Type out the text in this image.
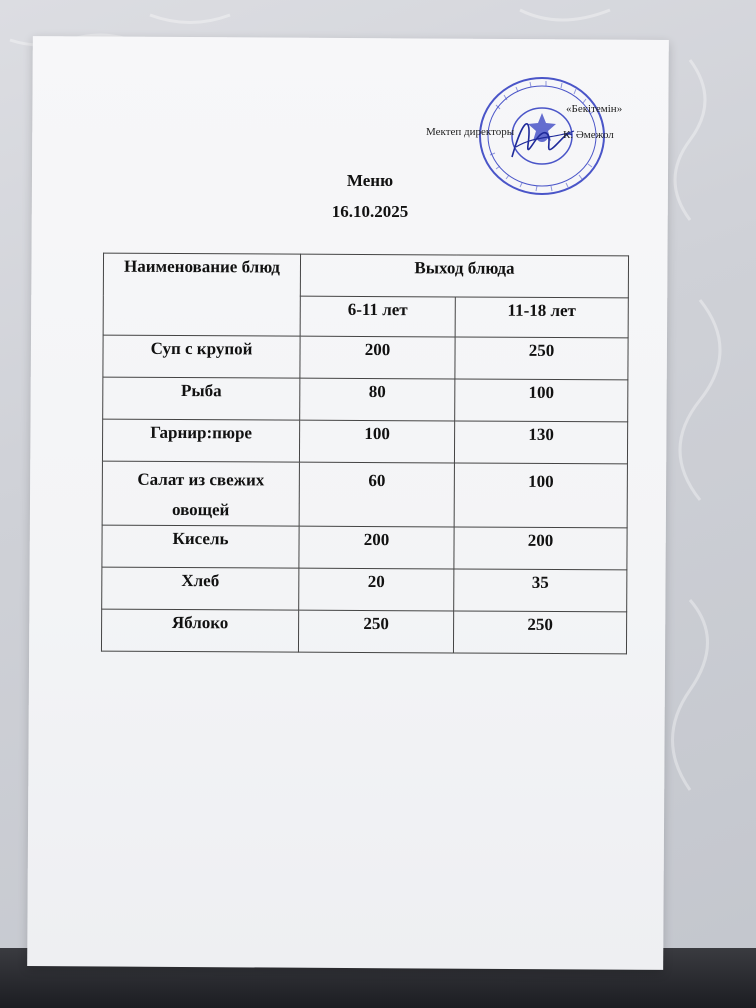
«Бекітемін»
Мектеп директоры	К. Әмежол
Меню
16.10.2025
Наименование блюд	Выход блюда	
	6-11 лет	11-18 лет
Суп с крупой	200	250
Рыба	80	100
Гарнир:пюре	100	130
Салат из свежих овощей	60	100
Кисель	200	200
Хлеб	20	35
Яблоко	250	250
